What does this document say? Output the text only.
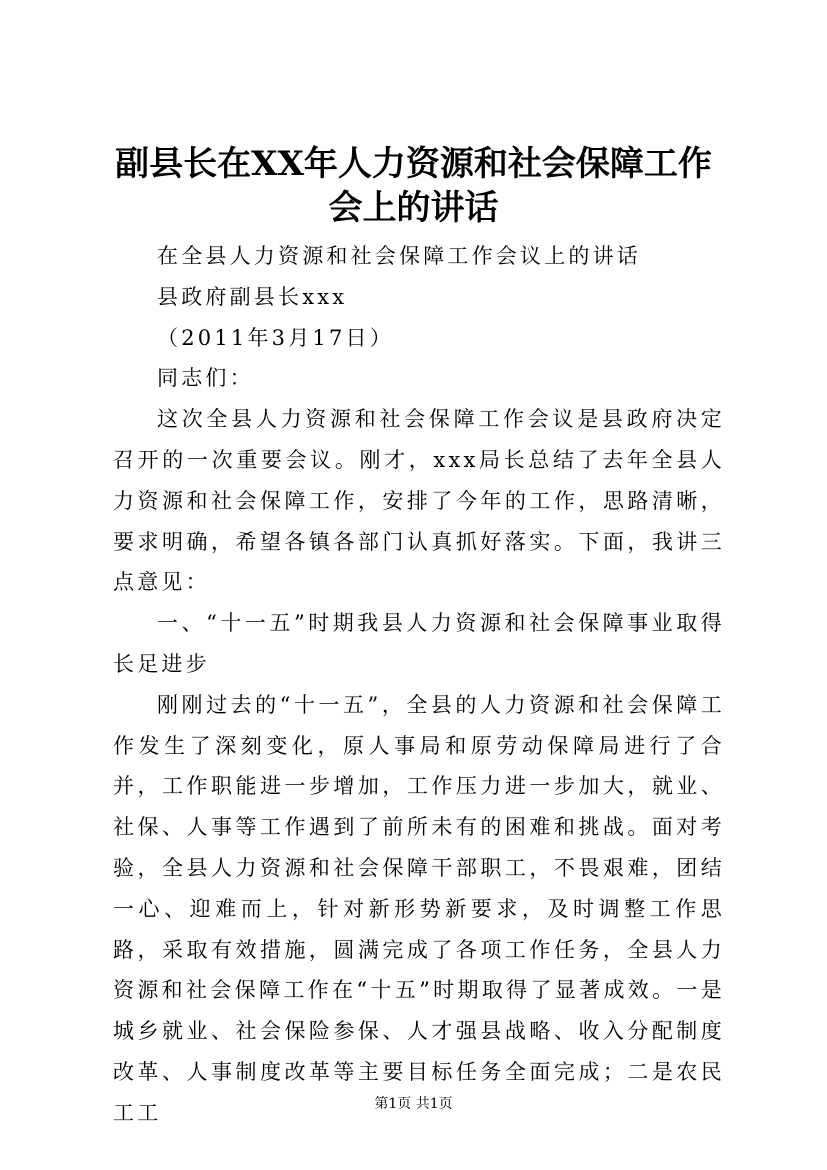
副县长在XX年人力资源和社会保障工作会上的讲话

在全县人力资源和社会保障工作会议上的讲话

县政府副县长xxx

（2011年3月17日）

同志们：

这次全县人力资源和社会保障工作会议是县政府决定召开的一次重要会议。刚才，xxx局长总结了去年全县人力资源和社会保障工作，安排了今年的工作，思路清晰，要求明确，希望各镇各部门认真抓好落实。下面，我讲三点意见：

一、“十一五”时期我县人力资源和社会保障事业取得长足进步

刚刚过去的“十一五”，全县的人力资源和社会保障工作发生了深刻变化，原人事局和原劳动保障局进行了合并，工作职能进一步增加，工作压力进一步加大，就业、社保、人事等工作遇到了前所未有的困难和挑战。面对考验，全县人力资源和社会保障干部职工，不畏艰难，团结一心、迎难而上，针对新形势新要求，及时调整工作思路，采取有效措施，圆满完成了各项工作任务，全县人力资源和社会保障工作在“十五”时期取得了显著成效。一是城乡就业、社会保险参保、人才强县战略、收入分配制度改革、人事制度改革等主要目标任务全面完成；二是农民工工	第1页 共1页
